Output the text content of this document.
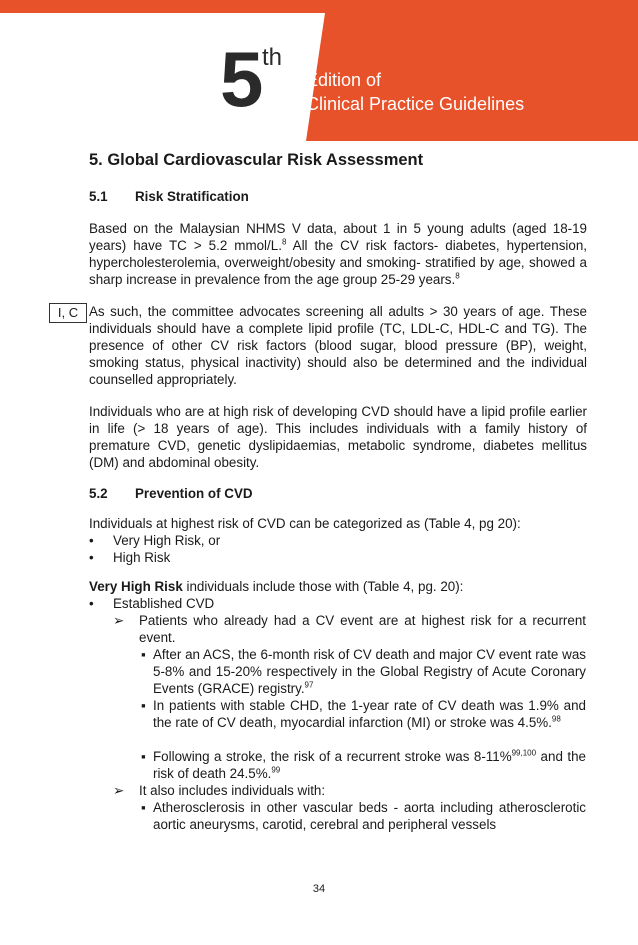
5 th
Edition of
Clinical Practice Guidelines
5. Global Cardiovascular Risk Assessment
5.1 Risk Stratification
Based on the Malaysian NHMS V data, about 1 in 5 young adults (aged 18-19 years) have TC > 5.2 mmol/L.$^8$ All the CV risk factors- diabetes, hypertension, hypercholesterolemia, overweight/obesity and smoking- stratified by age, showed a sharp increase in prevalence from the age group 25-29 years.$^8$
I, C As such, the committee advocates screening all adults > 30 years of age. These individuals should have a complete lipid profile (TC, LDL-C, HDL-C and TG). The presence of other CV risk factors (blood sugar, blood pressure (BP), weight, smoking status, physical inactivity) should also be determined and the individual counselled appropriately.
Individuals who are at high risk of developing CVD should have a lipid profile earlier in life (> 18 years of age). This includes individuals with a family history of premature CVD, genetic dyslipidaemias, metabolic syndrome, diabetes mellitus (DM) and abdominal obesity.
5.2 Prevention of CVD
Individuals at highest risk of CVD can be categorized as (Table 4, pg 20):
• Very High Risk, or
• High Risk
Very High Risk individuals include those with (Table 4, pg. 20):
• Established CVD
➢ Patients who already had a CV event are at highest risk for a recurrent event.
▪ After an ACS, the 6-month risk of CV death and major CV event rate was 5-8% and 15-20% respectively in the Global Registry of Acute Coronary Events (GRACE) registry.$^{97}$
▪ In patients with stable CHD, the 1-year rate of CV death was 1.9% and the rate of CV death, myocardial infarction (MI) or stroke was 4.5%.$^{98}$
▪ Following a stroke, the risk of a recurrent stroke was 8-11%$^{99,100}$ and the risk of death 24.5%.$^{99}$
➢ It also includes individuals with:
▪ Atherosclerosis in other vascular beds - aorta including atherosclerotic aortic aneurysms, carotid, cerebral and peripheral vessels
34
